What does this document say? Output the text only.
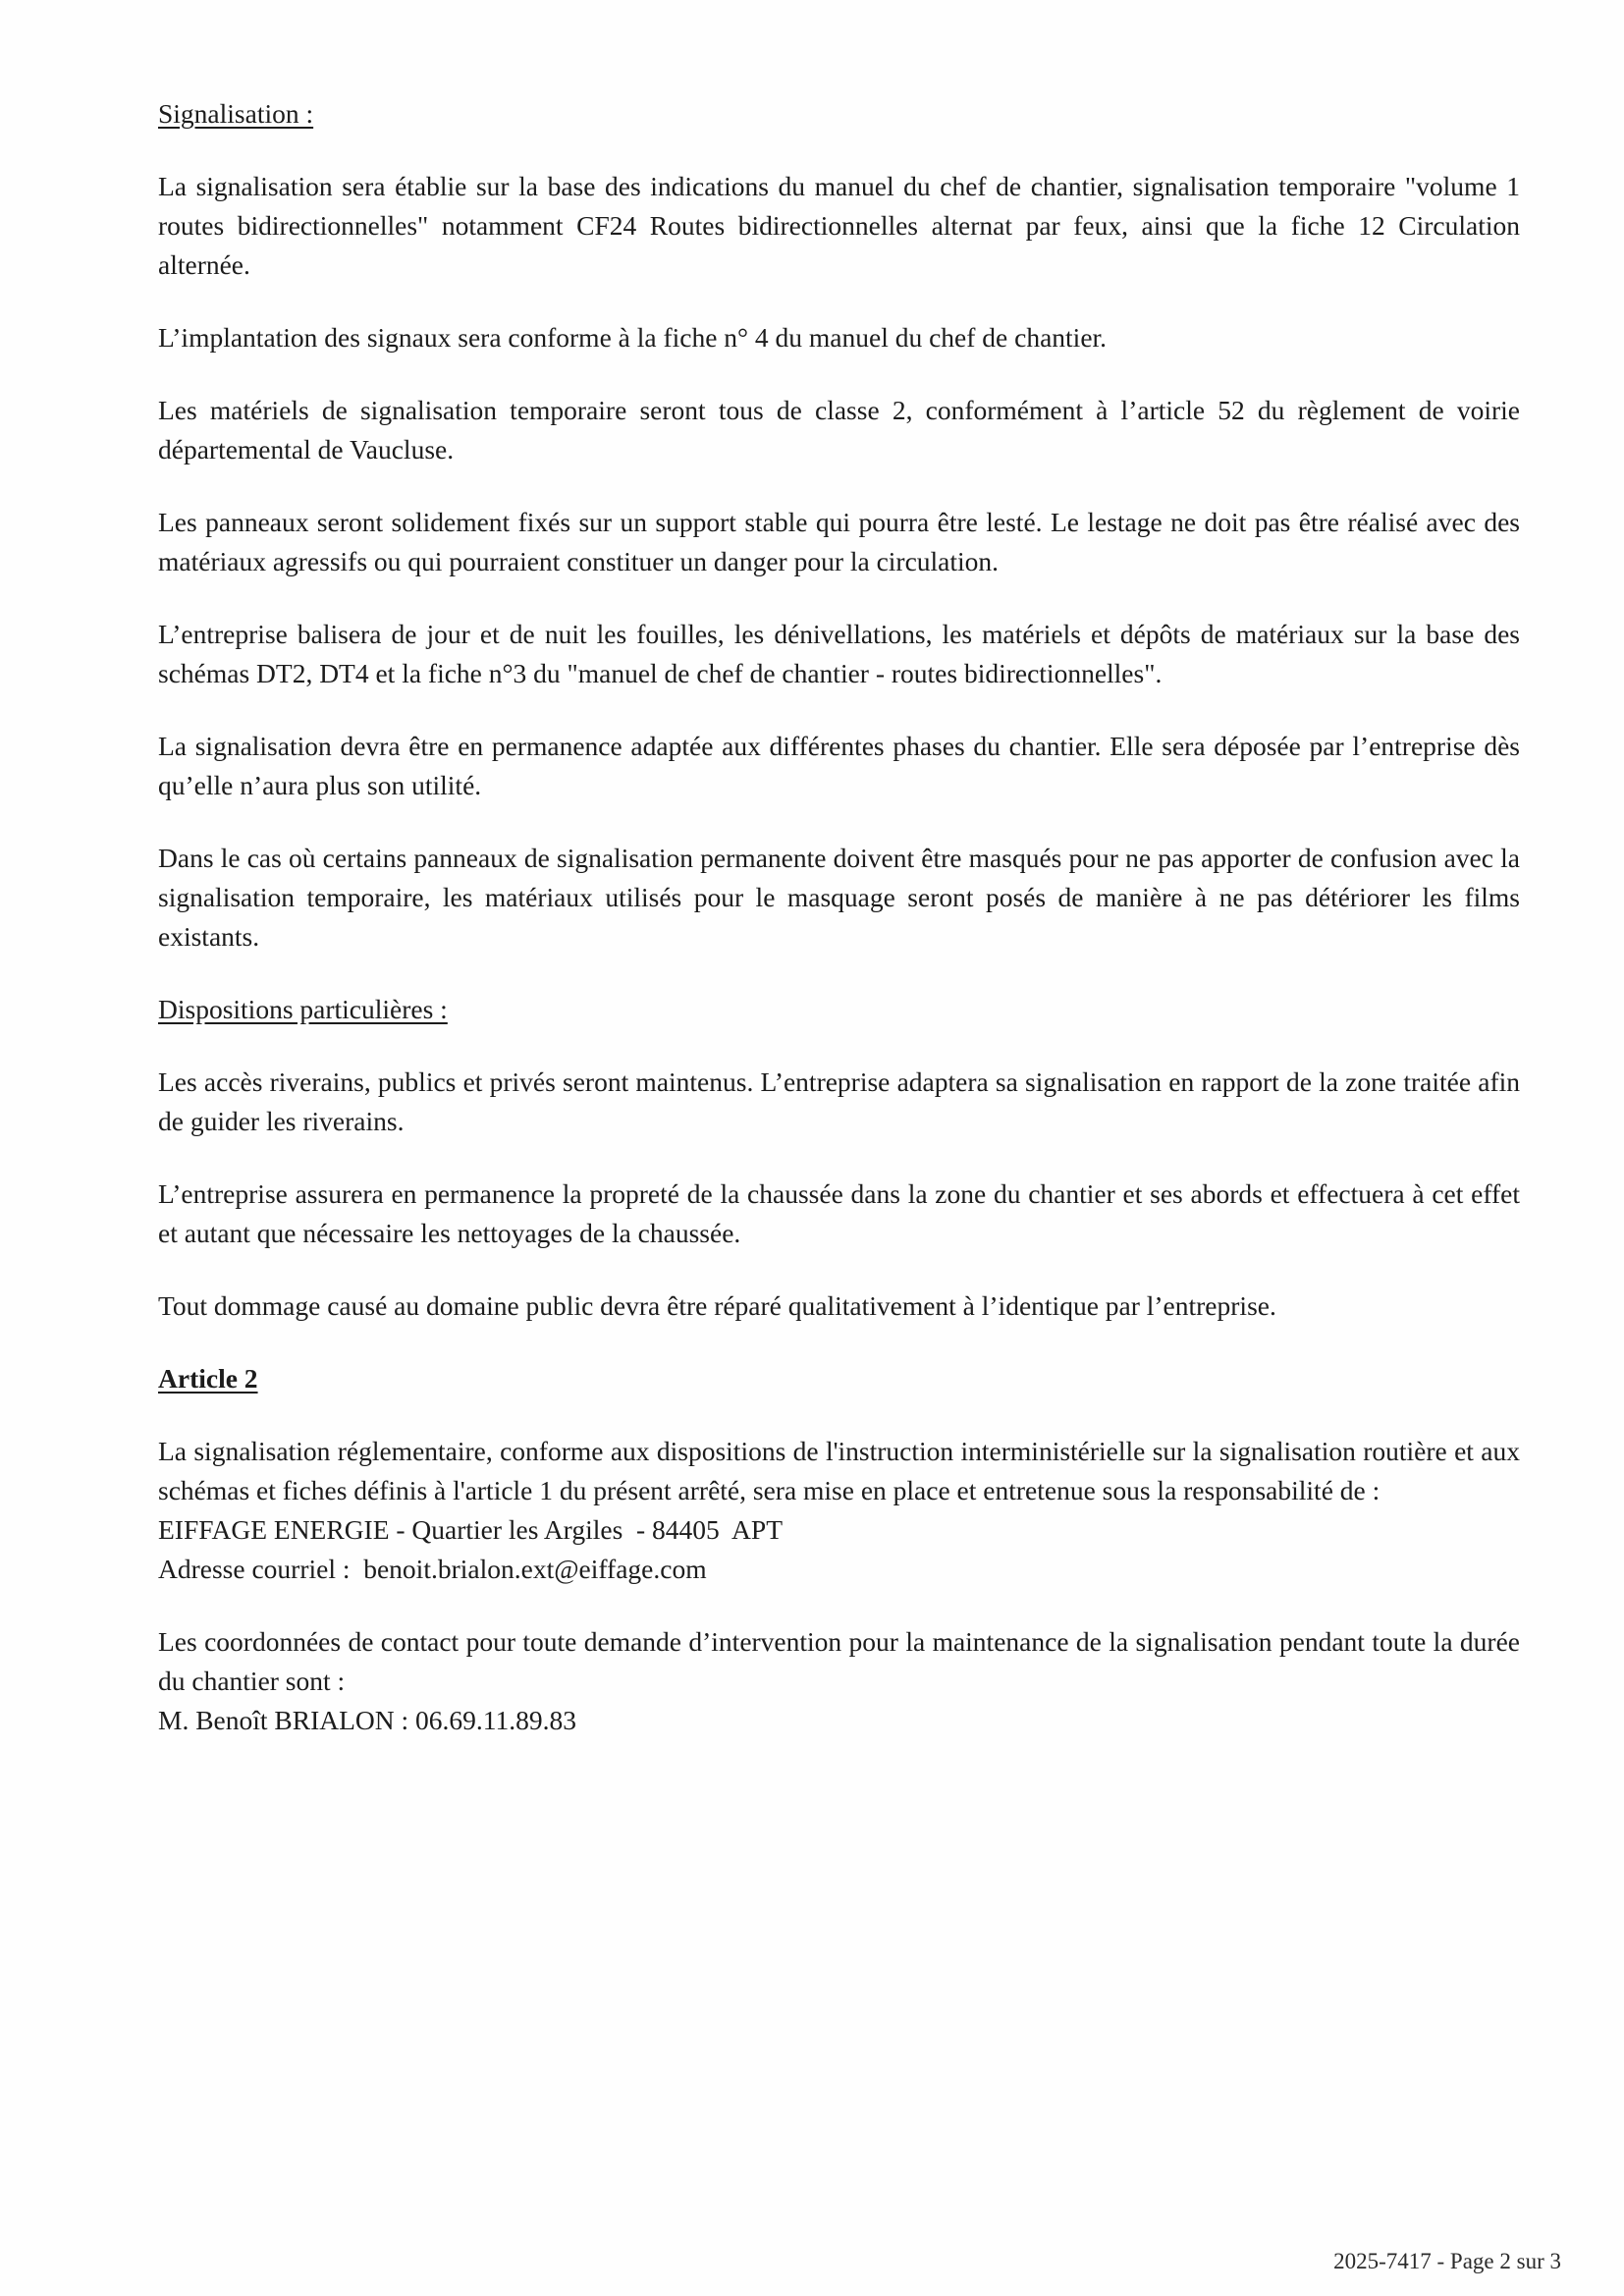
Signalisation :

La signalisation sera établie sur la base des indications du manuel du chef de chantier, signalisation temporaire "volume 1 routes bidirectionnelles" notamment CF24 Routes bidirectionnelles alternat par feux, ainsi que la fiche 12 Circulation alternée.

L’implantation des signaux sera conforme à la fiche n° 4 du manuel du chef de chantier.

Les matériels de signalisation temporaire seront tous de classe 2, conformément à l’article 52 du règlement de voirie départemental de Vaucluse.

Les panneaux seront solidement fixés sur un support stable qui pourra être lesté. Le lestage ne doit pas être réalisé avec des matériaux agressifs ou qui pourraient constituer un danger pour la circulation.

L’entreprise balisera de jour et de nuit les fouilles, les dénivellations, les matériels et dépôts de matériaux sur la base des schémas DT2, DT4 et la fiche n°3 du "manuel de chef de chantier - routes bidirectionnelles".

La signalisation devra être en permanence adaptée aux différentes phases du chantier. Elle sera déposée par l’entreprise dès qu’elle n’aura plus son utilité.

Dans le cas où certains panneaux de signalisation permanente doivent être masqués pour ne pas apporter de confusion avec la signalisation temporaire, les matériaux utilisés pour le masquage seront posés de manière à ne pas détériorer les films existants.

Dispositions particulières :

Les accès riverains, publics et privés seront maintenus. L’entreprise adaptera sa signalisation en rapport de la zone traitée afin de guider les riverains.

L’entreprise assurera en permanence la propreté de la chaussée dans la zone du chantier et ses abords et effectuera à cet effet et autant que nécessaire les nettoyages de la chaussée.

Tout dommage causé au domaine public devra être réparé qualitativement à l’identique par l’entreprise.

Article 2
La signalisation réglementaire, conforme aux dispositions de l'instruction interministérielle sur la signalisation routière et aux schémas et fiches définis à l'article 1 du présent arrêté, sera mise en place et entretenue sous la responsabilité de :
EIFFAGE ENERGIE - Quartier les Argiles  - 84405  APT
Adresse courriel :  benoit.brialon.ext@eiffage.com
Les coordonnées de contact pour toute demande d’intervention pour la maintenance de la signalisation pendant toute la durée du chantier sont :
M. Benoît BRIALON : 06.69.11.89.83
2025-7417 - Page 2 sur 3
